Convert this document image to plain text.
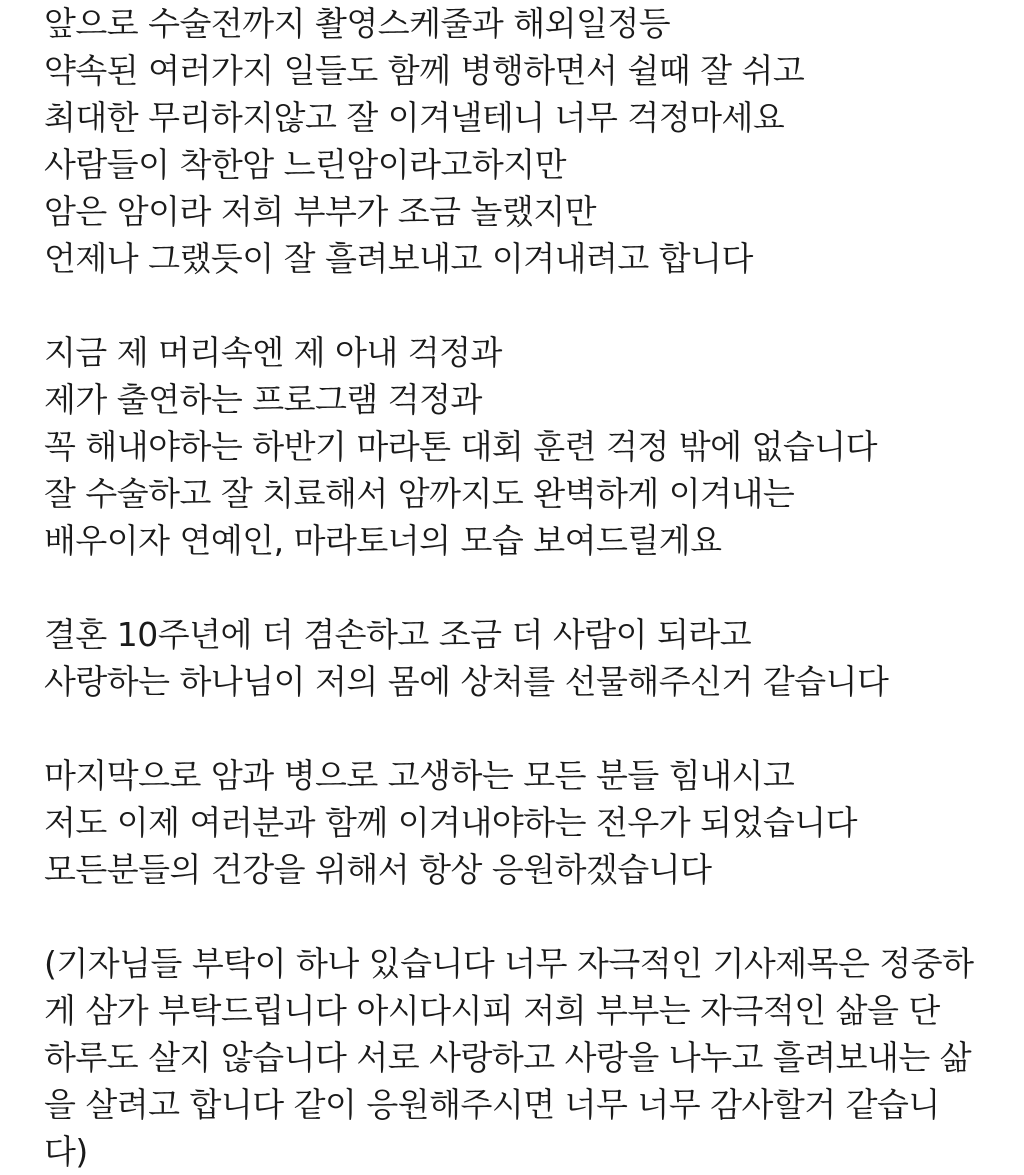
앞으로 수술전까지 촬영스케줄과 해외일정등
약속된 여러가지 일들도 함께 병행하면서 쉴때 잘 쉬고
최대한 무리하지않고 잘 이겨낼테니 너무 걱정마세요
사람들이 착한암 느린암이라고하지만
암은 암이라 저희 부부가 조금 놀랬지만
언제나 그랬듯이 잘 흘려보내고 이겨내려고 합니다
지금 제 머리속엔 제 아내 걱정과
제가 출연하는 프로그램 걱정과
꼭 해내야하는 하반기 마라톤 대회 훈련 걱정 밖에 없습니다
잘 수술하고 잘 치료해서 암까지도 완벽하게 이겨내는
배우이자 연예인, 마라토너의 모습 보여드릴게요
결혼 10주년에 더 겸손하고 조금 더 사람이 되라고
사랑하는 하나님이 저의 몸에 상처를 선물해주신거 같습니다
마지막으로 암과 병으로 고생하는 모든 분들 힘내시고
저도 이제 여러분과 함께 이겨내야하는 전우가 되었습니다
모든분들의 건강을 위해서 항상 응원하겠습니다
(기자님들 부탁이 하나 있습니다 너무 자극적인 기사제목은 정중하
게 삼가 부탁드립니다 아시다시피 저희 부부는 자극적인 삶을 단
하루도 살지 않습니다 서로 사랑하고 사랑을 나누고 흘려보내는 삶
을 살려고 합니다 같이 응원해주시면 너무 너무 감사할거 같습니
다)
